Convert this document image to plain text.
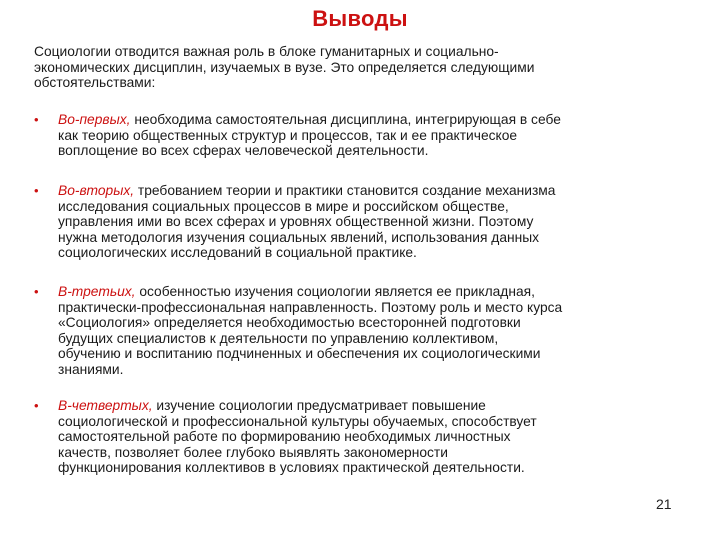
Выводы
Социологии отводится важная роль в блоке гуманитарных и социально-
экономических дисциплин, изучаемых в вузе. Это определяется следующими
обстоятельствами:
• Во-первых, необходима самостоятельная дисциплина, интегрирующая в себе
как теорию общественных структур и процессов, так и ее практическое
воплощение во всех сферах человеческой деятельности.
• Во-вторых, требованием теории и практики становится создание механизма
исследования социальных процессов в мире и российском обществе,
управления ими во всех сферах и уровнях общественной жизни. Поэтому
нужна методология изучения социальных явлений, использования данных
социологических исследований в социальной практике.
• В-третьих, особенностью изучения социологии является ее прикладная,
практически-профессиональная направленность. Поэтому роль и место курса
«Социология» определяется необходимостью всесторонней подготовки
будущих специалистов к деятельности по управлению коллективом,
обучению и воспитанию подчиненных и обеспечения их социологическими
знаниями.
• В-четвертых, изучение социологии предусматривает повышение
социологической и профессиональной культуры обучаемых, способствует
самостоятельной работе по формированию необходимых личностных
качеств, позволяет более глубоко выявлять закономерности
функционирования коллективов в условиях практической деятельности.
21
